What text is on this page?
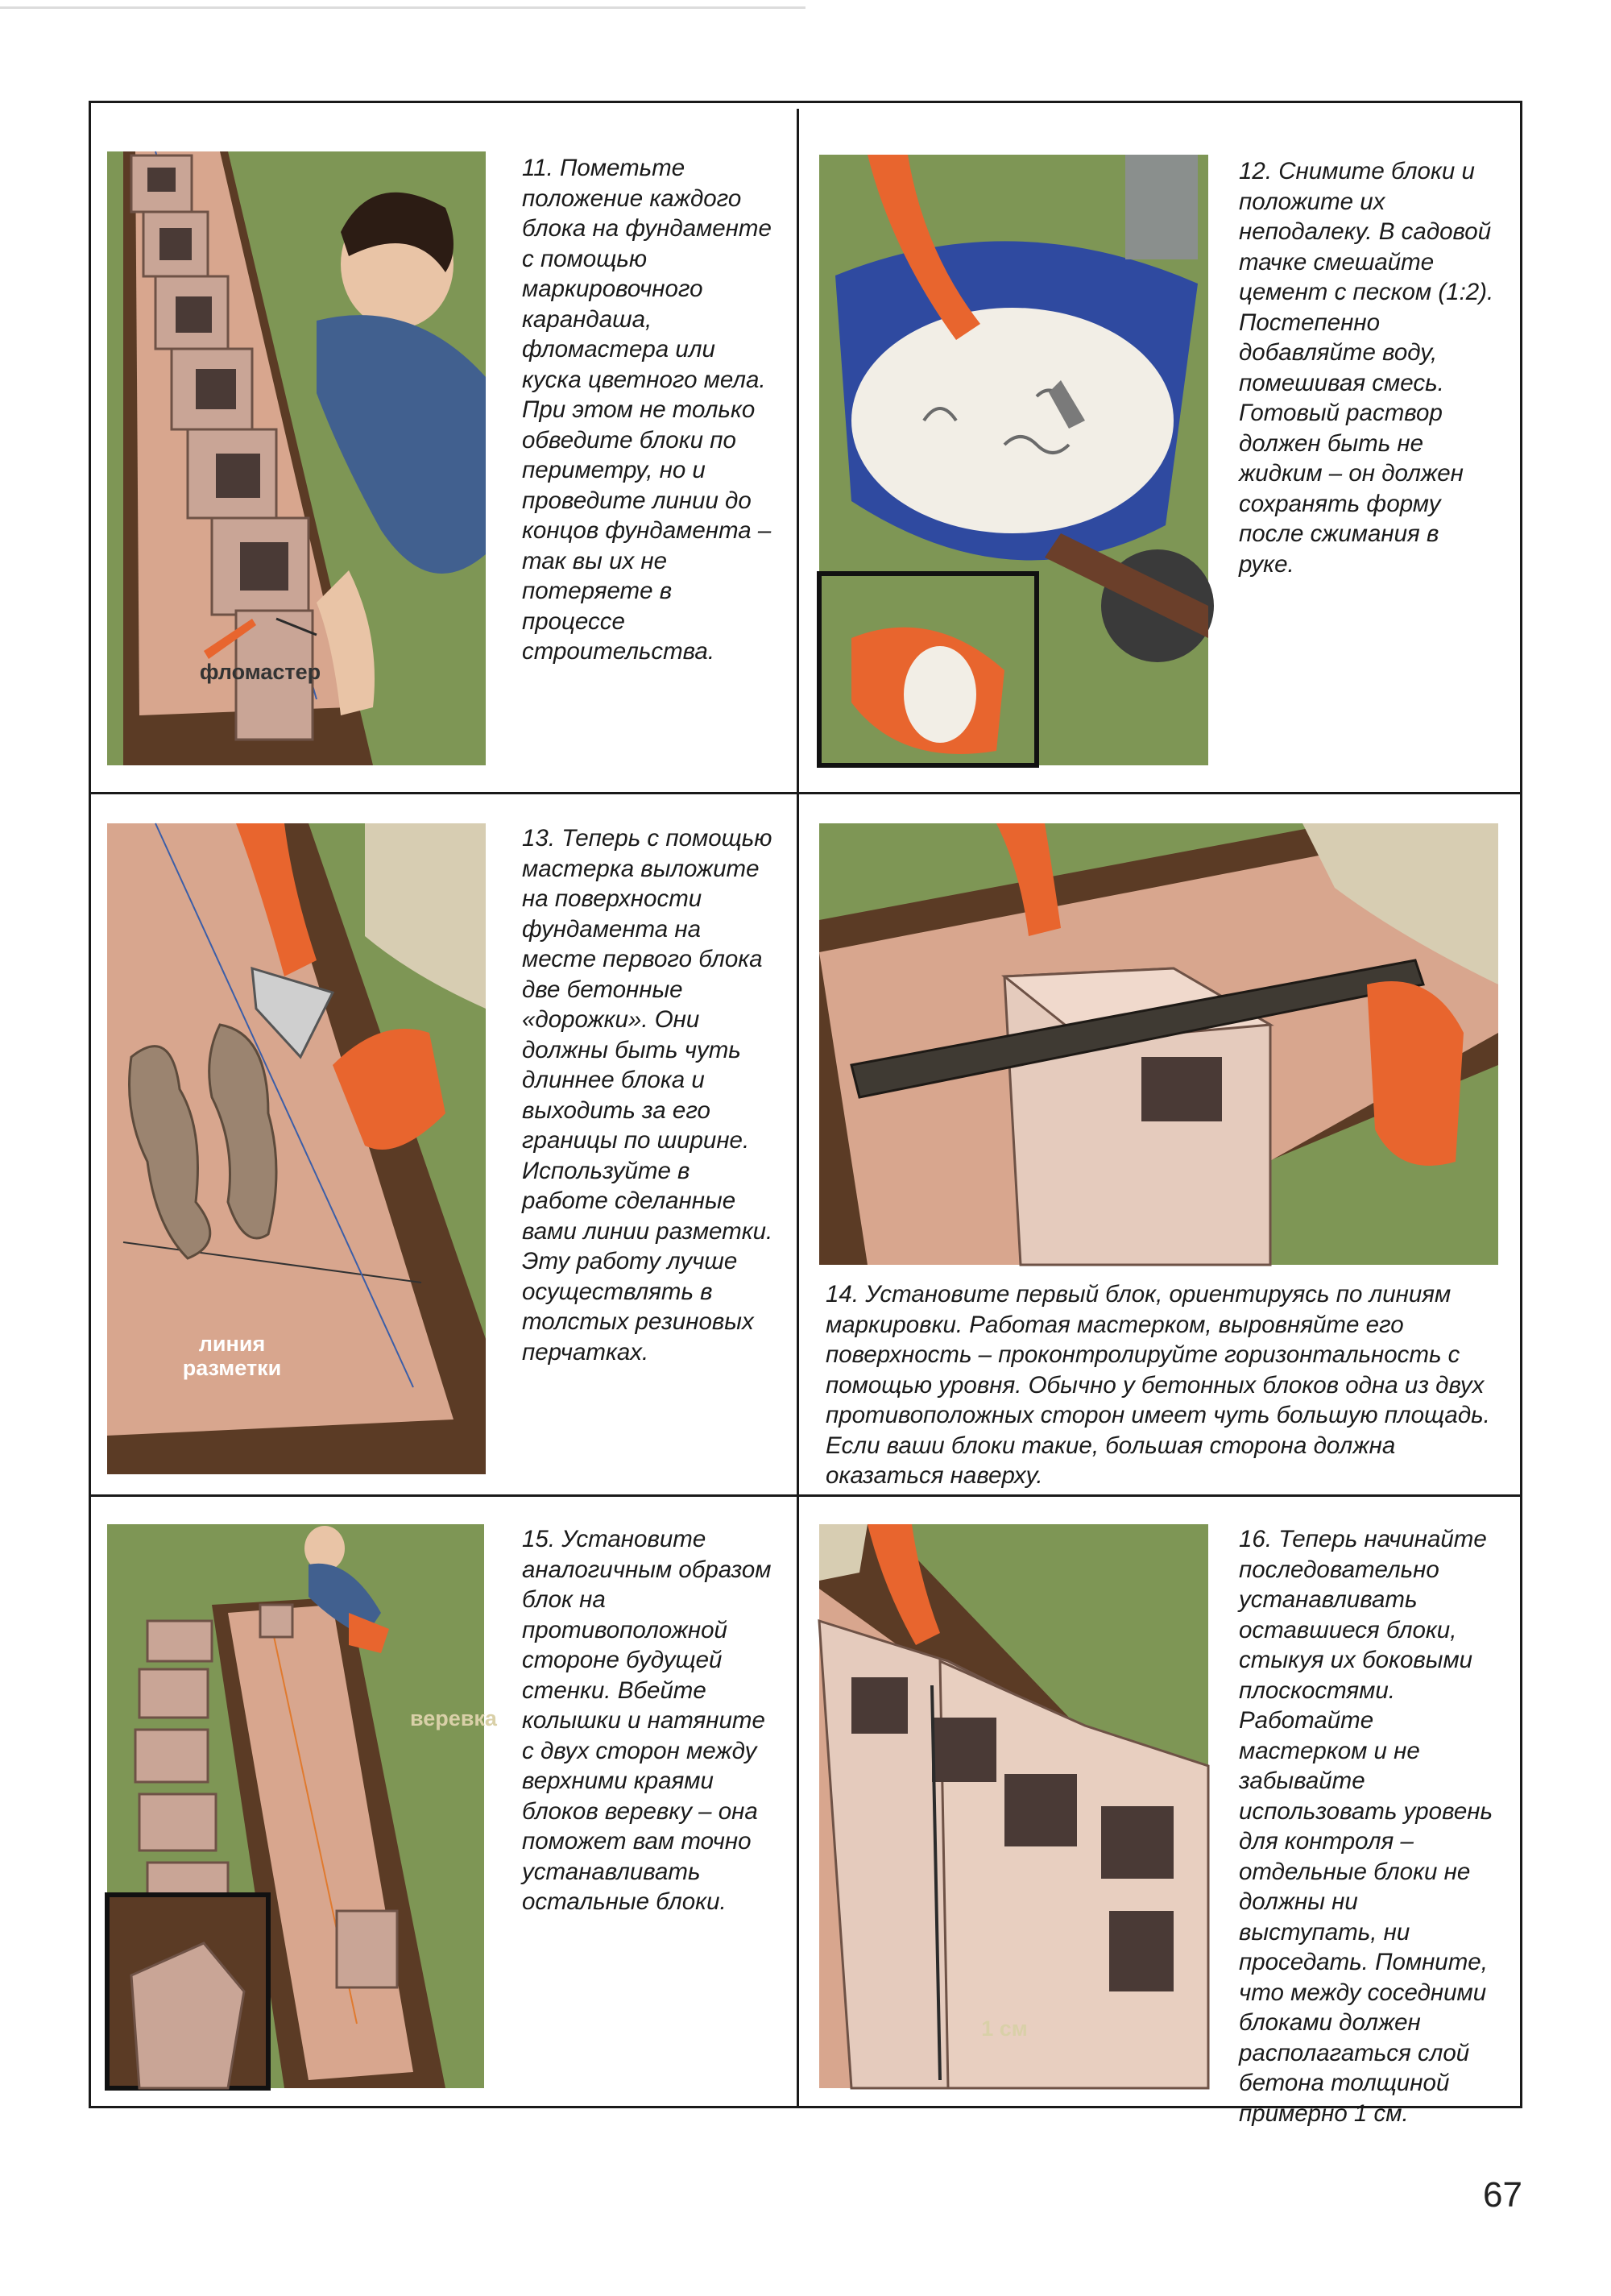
фломастер

11. Пометьте положение каждого блока на фундаменте с помощью маркировочного карандаша, фломастера или куска цветного мела. При этом не только обведите блоки по периметру, но и проведите линии до концов фундамента – так вы их не потеряете в процессе строительства.

12. Снимите блоки и положите их неподалеку. В садовой тачке смешайте цемент с песком (1:2). Постепенно добавляйте воду, помешивая смесь. Готовый раствор должен быть не жидким – он должен сохранять форму после сжимания в руке.

линия
разметки

13. Теперь с помощью мастерка выложите на поверхности фундамента на месте первого блока две бетонные «дорожки». Они должны быть чуть длиннее блока и выходить за его границы по ширине. Используйте в работе сделанные вами линии разметки. Эту работу лучше осуществлять в толстых резиновых перчатках.

14. Установите первый блок, ориентируясь по линиям маркировки. Работая мастерком, выровняйте его поверхность – проконтролируйте горизонтальность с помощью уровня. Обычно у бетонных блоков одна из двух противоположных сторон имеет чуть большую площадь. Если ваши блоки такие, большая сторона должна оказаться наверху.

веревка

15. Установите аналогичным образом блок на противоположной стороне будущей стенки. Вбейте колышки и натяните с двух сторон между верхними краями блоков веревку – она поможет вам точно устанавливать остальные блоки.

1 см

16. Теперь начинайте последовательно устанавливать оставшиеся блоки, стыкуя их боковыми плоскостями. Работайте мастерком и не забывайте использовать уровень для контроля – отдельные блоки не должны ни выступать, ни проседать. Помните, что между соседними блоками должен располагаться слой бетона толщиной примерно 1 см.

67
